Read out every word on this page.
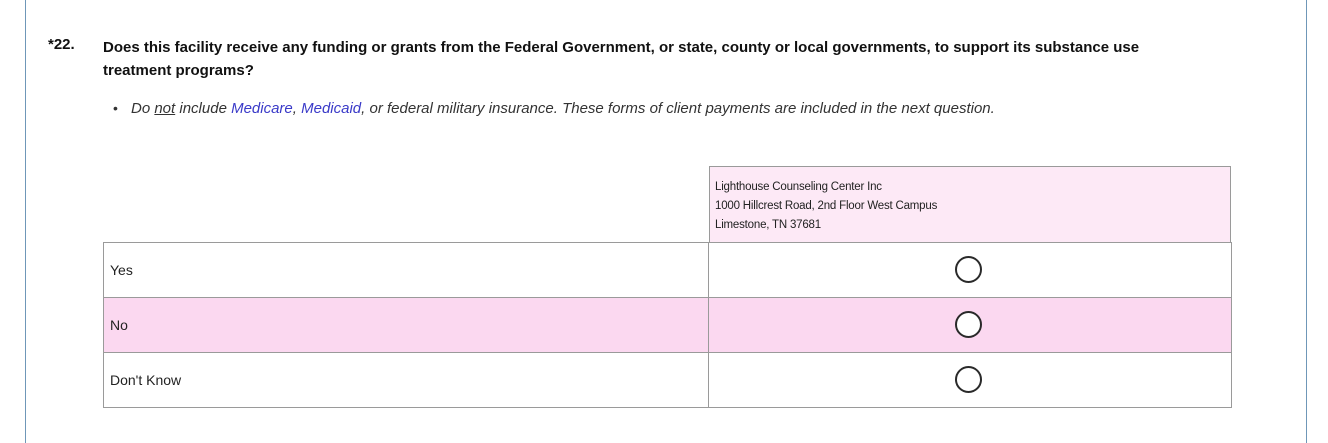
*22. Does this facility receive any funding or grants from the Federal Government, or state, county or local governments, to support its substance use treatment programs?
• Do not include Medicare, Medicaid, or federal military insurance. These forms of client payments are included in the next question.
Lighthouse Counseling Center Inc
1000 Hillcrest Road, 2nd Floor West Campus
Limestone, TN 37681
Yes	

No	

Don't Know	
